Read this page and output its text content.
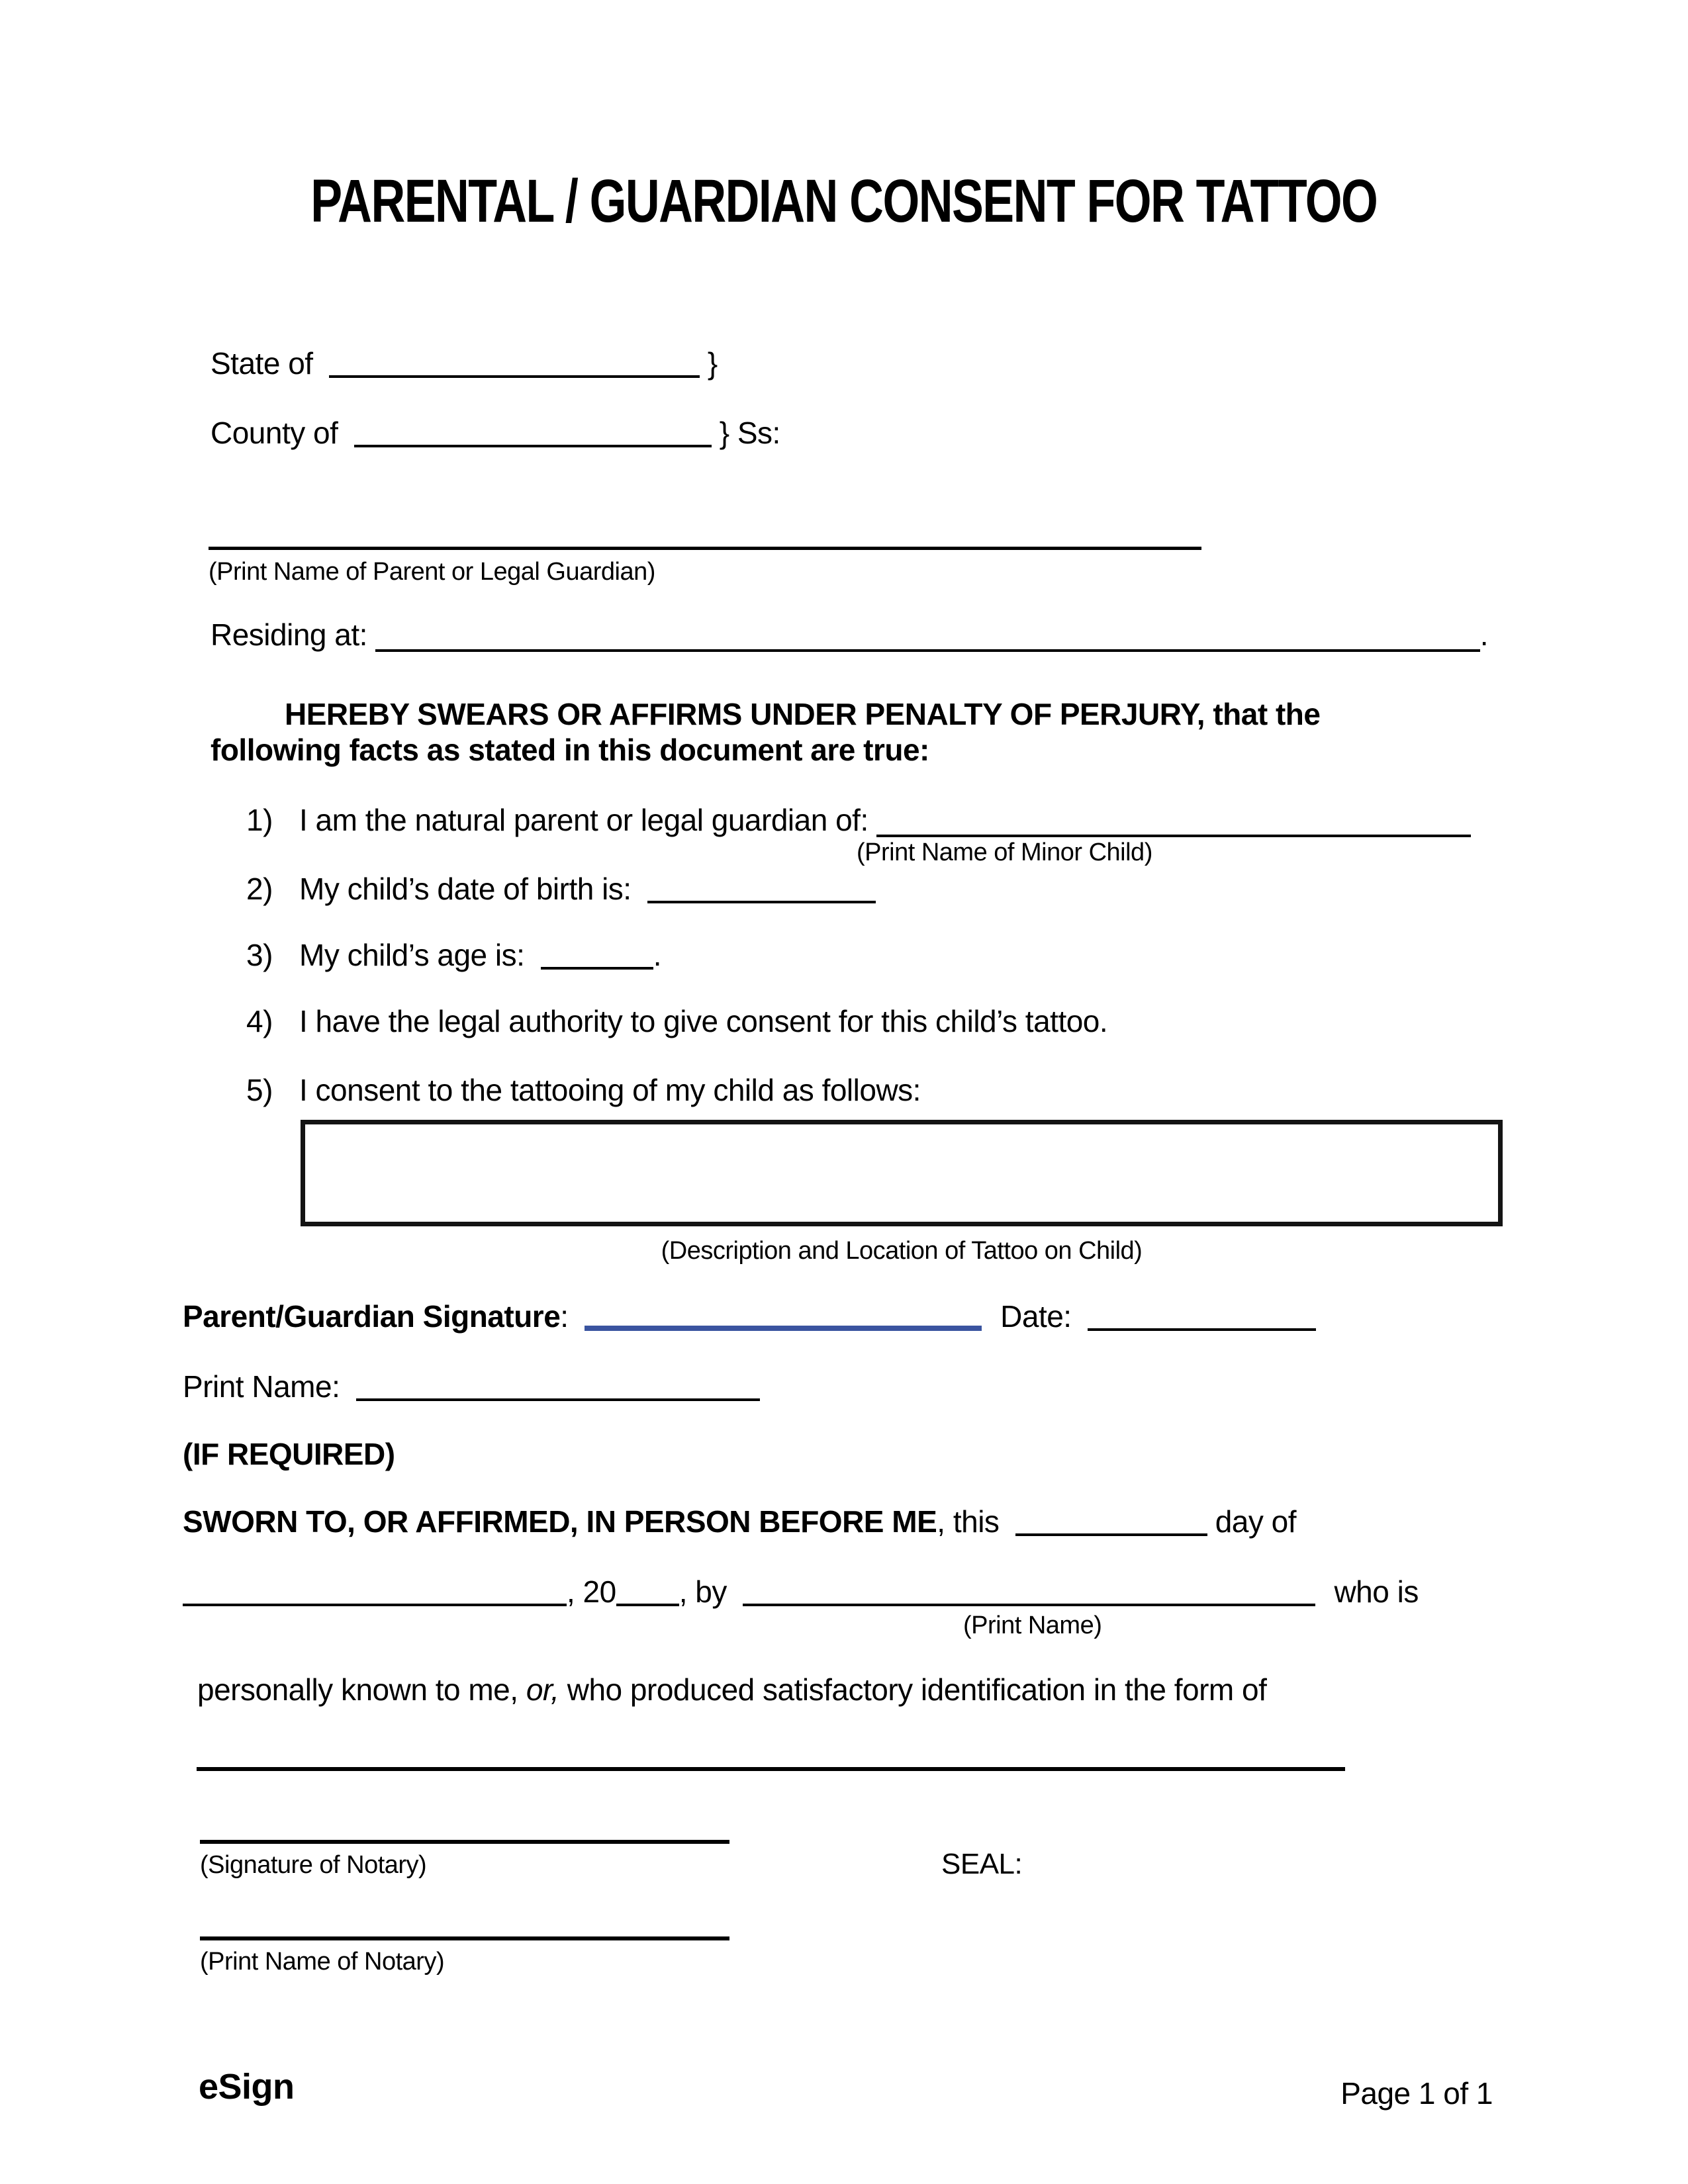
PARENTAL / GUARDIAN CONSENT FOR TATTOO
State of	}
County of	} Ss:
(Print Name of Parent or Legal Guardian)
Residing at:	.
HEREBY SWEARS OR AFFIRMS UNDER PENALTY OF PERJURY, that the
following facts as stated in this document are true:
1) I am the natural parent or legal guardian of:
(Print Name of Minor Child)
2) My child’s date of birth is:
3) My child’s age is:	.
4) I have the legal authority to give consent for this child’s tattoo.
5) I consent to the tattooing of my child as follows:
(Description and Location of Tattoo on Child)
Parent/Guardian Signature:	Date:
Print Name:
(IF REQUIRED)
SWORN TO, OR AFFIRMED, IN PERSON BEFORE ME, this	day of
, 20 , by	who is
(Print Name)
personally known to me, or, who produced satisfactory identification in the form of
(Signature of Notary)	SEAL:
(Print Name of Notary)
eSign	Page 1 of 1
